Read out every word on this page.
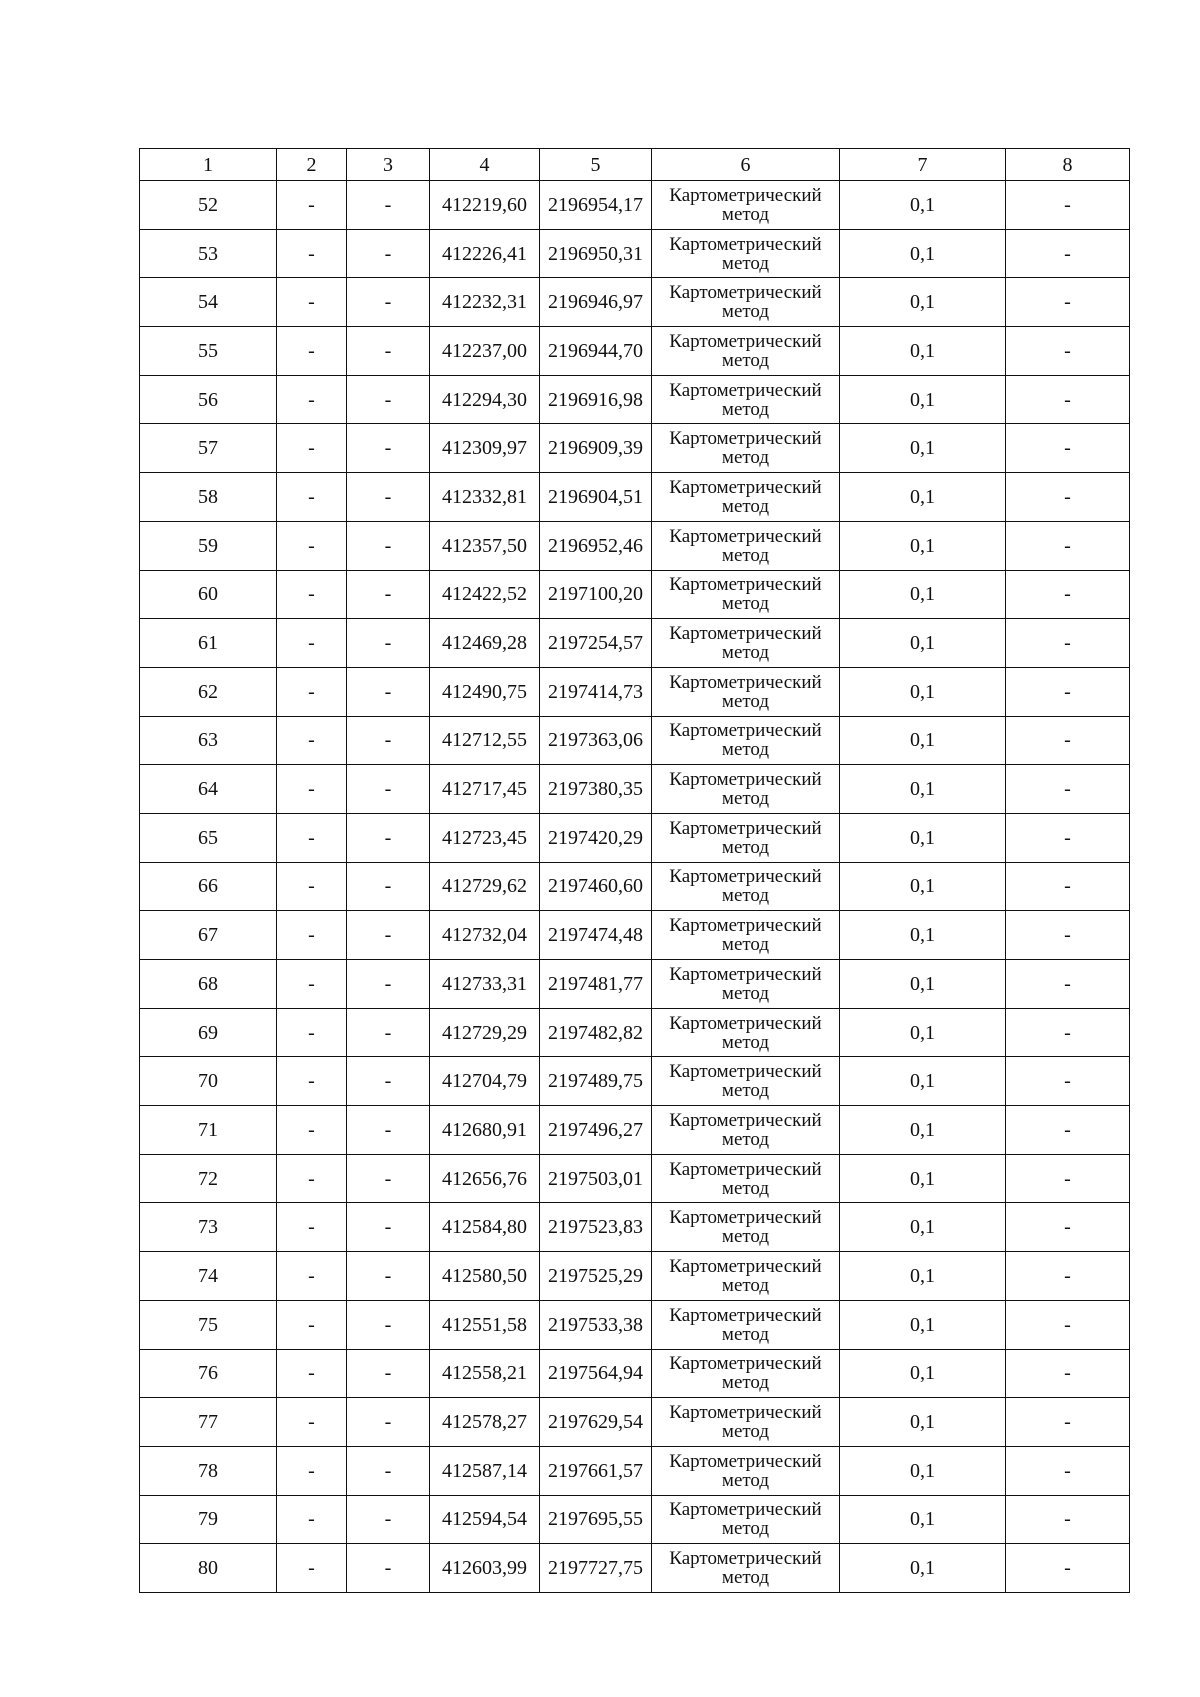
1	2	3	4	5	6	7	8
52	-	-	412219,60	2196954,17	Картометрический метод	0,1	-
53	-	-	412226,41	2196950,31	Картометрический метод	0,1	-
54	-	-	412232,31	2196946,97	Картометрический метод	0,1	-
55	-	-	412237,00	2196944,70	Картометрический метод	0,1	-
56	-	-	412294,30	2196916,98	Картометрический метод	0,1	-
57	-	-	412309,97	2196909,39	Картометрический метод	0,1	-
58	-	-	412332,81	2196904,51	Картометрический метод	0,1	-
59	-	-	412357,50	2196952,46	Картометрический метод	0,1	-
60	-	-	412422,52	2197100,20	Картометрический метод	0,1	-
61	-	-	412469,28	2197254,57	Картометрический метод	0,1	-
62	-	-	412490,75	2197414,73	Картометрический метод	0,1	-
63	-	-	412712,55	2197363,06	Картометрический метод	0,1	-
64	-	-	412717,45	2197380,35	Картометрический метод	0,1	-
65	-	-	412723,45	2197420,29	Картометрический метод	0,1	-
66	-	-	412729,62	2197460,60	Картометрический метод	0,1	-
67	-	-	412732,04	2197474,48	Картометрический метод	0,1	-
68	-	-	412733,31	2197481,77	Картометрический метод	0,1	-
69	-	-	412729,29	2197482,82	Картометрический метод	0,1	-
70	-	-	412704,79	2197489,75	Картометрический метод	0,1	-
71	-	-	412680,91	2197496,27	Картометрический метод	0,1	-
72	-	-	412656,76	2197503,01	Картометрический метод	0,1	-
73	-	-	412584,80	2197523,83	Картометрический метод	0,1	-
74	-	-	412580,50	2197525,29	Картометрический метод	0,1	-
75	-	-	412551,58	2197533,38	Картометрический метод	0,1	-
76	-	-	412558,21	2197564,94	Картометрический метод	0,1	-
77	-	-	412578,27	2197629,54	Картометрический метод	0,1	-
78	-	-	412587,14	2197661,57	Картометрический метод	0,1	-
79	-	-	412594,54	2197695,55	Картометрический метод	0,1	-
80	-	-	412603,99	2197727,75	Картометрический метод	0,1	-
